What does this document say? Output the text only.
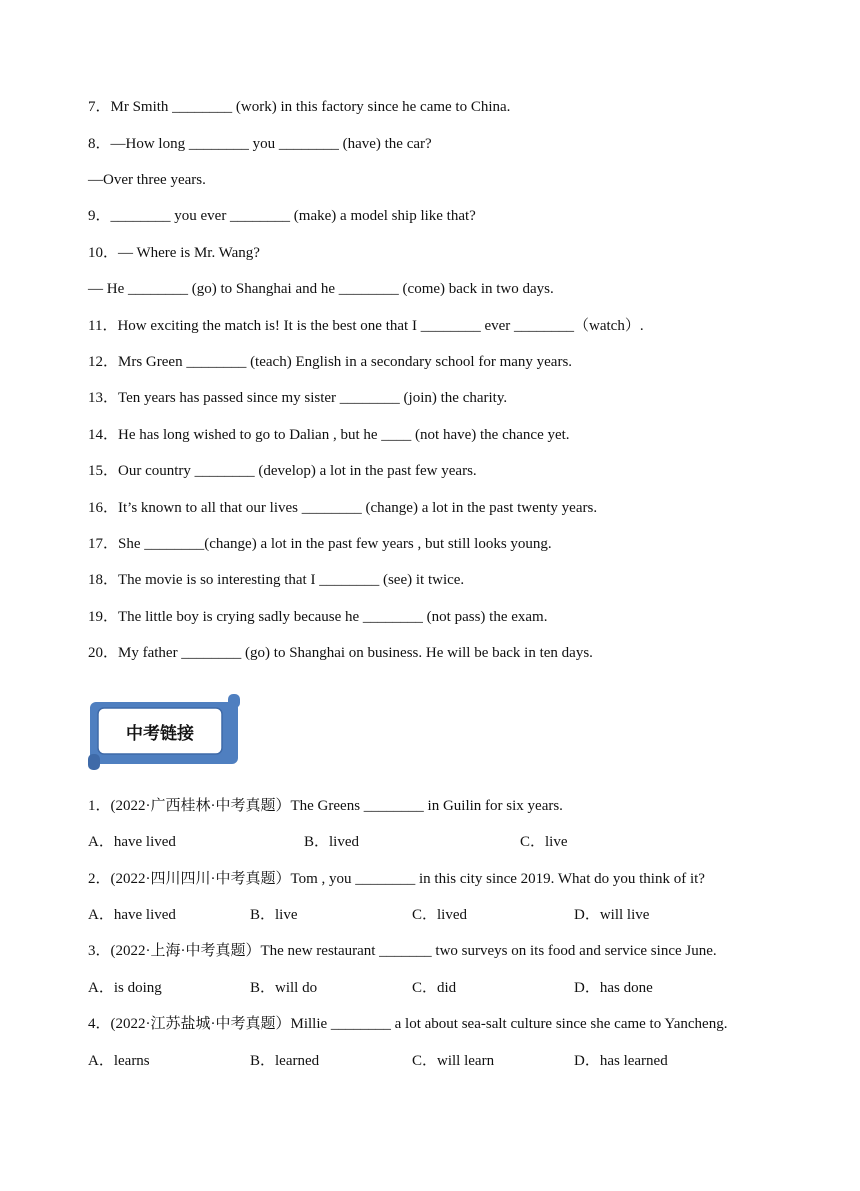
7．Mr Smith ________ (work) in this factory since he came to China.
8．—How long ________ you ________ (have) the car?
—Over three years.
9．________ you ever ________ (make) a model ship like that?
10．— Where is Mr. Wang?
— He ________ (go) to Shanghai and he ________ (come) back in two days.
11．How exciting the match is! It is the best one that I ________ ever ________（watch）.
12．Mrs Green ________ (teach) English in a secondary school for many years.
13．Ten years has passed since my sister ________ (join) the charity.
14．He has long wished to go to Dalian , but he ____ (not have) the chance yet.
15．Our country ________ (develop) a lot in the past few years.
16．It’s known to all that our lives ________ (change) a lot in the past twenty years.
17．She ________(change) a lot in the past few years , but still looks young.
18．The movie is so interesting that I ________ (see) it twice.
19．The little boy is crying sadly because he ________ (not pass) the exam.
20．My father ________ (go) to Shanghai on business. He will be back in ten days.
中考链接
1．(2022·广西桂林·中考真题）The Greens ________ in Guilin for six years.
A．have lived	B．lived	C．live
2．(2022·四川四川·中考真题）Tom , you ________ in this city since 2019. What do you think of it?
A．have lived	B．live	C．lived	D．will live
3．(2022·上海·中考真题）The new restaurant _______ two surveys on its food and service since June.
A．is doing	B．will do	C．did	D．has done
4．(2022·江苏盐城·中考真题）Millie ________ a lot about sea-salt culture since she came to Yancheng.
A．learns	B．learned	C．will learn	D．has learned
